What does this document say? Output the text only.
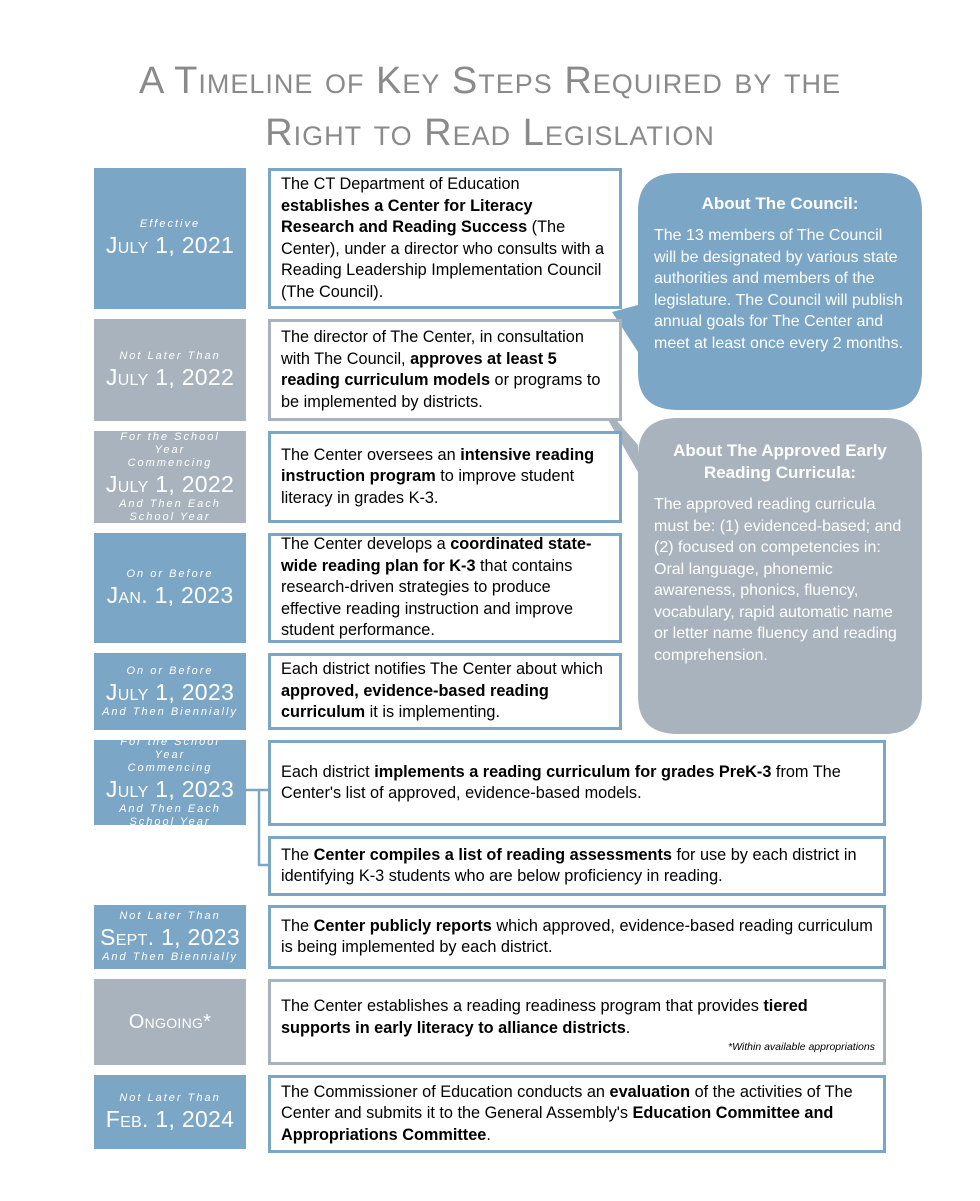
A Timeline of Key Steps Required by the
Right to Read Legislation
Effective
July 1, 2021
Not Later Than
July 1, 2022
For the School Year Commencing
July 1, 2022
And Then Each School Year
On or Before
Jan. 1, 2023
On or Before
July 1, 2023
And Then Biennially
For the School Year Commencing
July 1, 2023
And Then Each School Year
Not Later Than
Sept. 1, 2023
And Then Biennially
Ongoing*
Not Later Than
Feb. 1, 2024
The CT Department of Education establishes a Center for Literacy Research and Reading Success (The Center), under a director who consults with a Reading Leadership Implementation Council (The Council).
The director of The Center, in consultation with The Council, approves at least 5 reading curriculum models or programs to be implemented by districts.
The Center oversees an intensive reading instruction program to improve student literacy in grades K-3.
The Center develops a coordinated state-wide reading plan for K-3 that contains research-driven strategies to produce effective reading instruction and improve student performance.
Each district notifies The Center about which approved, evidence-based reading curriculum it is implementing.
Each district implements a reading curriculum for grades PreK-3 from The Center's list of approved, evidence-based models.
The Center compiles a list of reading assessments for use by each district in identifying K-3 students who are below proficiency in reading.
The Center publicly reports which approved, evidence-based reading curriculum is being implemented by each district.
The Center establishes a reading readiness program that provides tiered supports in early literacy to alliance districts.
*Within available appropriations
The Commissioner of Education conducts an evaluation of the activities of The Center and submits it to the General Assembly's Education Committee and Appropriations Committee.
About The Council:
The 13 members of The Council will be designated by various state authorities and members of the legislature. The Council will publish annual goals for The Center and meet at least once every 2 months.
About The Approved Early Reading Curricula:
The approved reading curricula must be: (1) evidenced-based; and (2) focused on competencies in: Oral language, phonemic awareness, phonics, fluency, vocabulary, rapid automatic name or letter name fluency and reading comprehension.
